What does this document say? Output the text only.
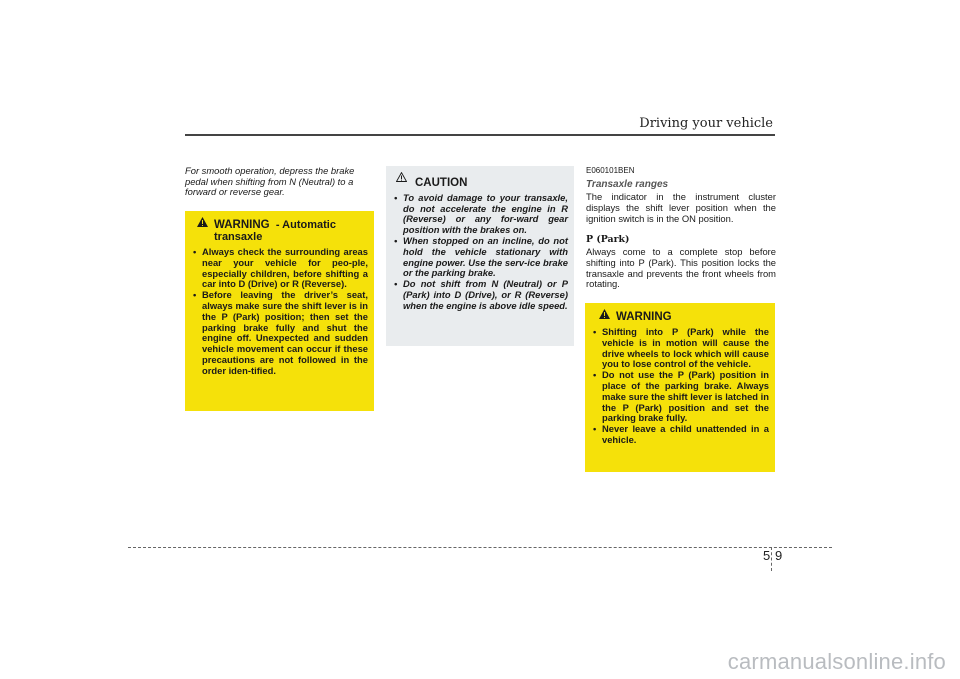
Driving your vehicle
For smooth operation, depress the brake pedal when shifting from N (Neutral) to a forward or reverse gear.
WARNING - Automatic transaxle
• Always check the surrounding areas near your vehicle for peo-ple, especially children, before shifting a car into D (Drive) or R (Reverse).
• Before leaving the driver’s seat, always make sure the shift lever is in the P (Park) position; then set the parking brake fully and shut the engine off. Unexpected and sudden vehicle movement can occur if these precautions are not followed in the order iden-tified.
CAUTION
• To avoid damage to your transaxle, do not accelerate the engine in R (Reverse) or any for-ward gear position with the brakes on.
• When stopped on an incline, do not hold the vehicle stationary with engine power. Use the serv-ice brake or the parking brake.
• Do not shift from N (Neutral) or P (Park) into D (Drive), or R (Reverse) when the engine is above idle speed.
E060101BEN
Transaxle ranges

The indicator in the instrument cluster displays the shift lever position when the ignition switch is in the ON position.

P (Park)

Always come to a complete stop before shifting into P (Park). This position locks the transaxle and prevents the front wheels from rotating.

WARNING
• Shifting into P (Park) while the vehicle is in motion will cause the drive wheels to lock which will cause you to lose control of the vehicle.
• Do not use the P (Park) position in place of the parking brake. Always make sure the shift lever is latched in the P (Park) position and set the parking brake fully.
• Never leave a child unattended in a vehicle.
5 9
carmanualsonline.info
